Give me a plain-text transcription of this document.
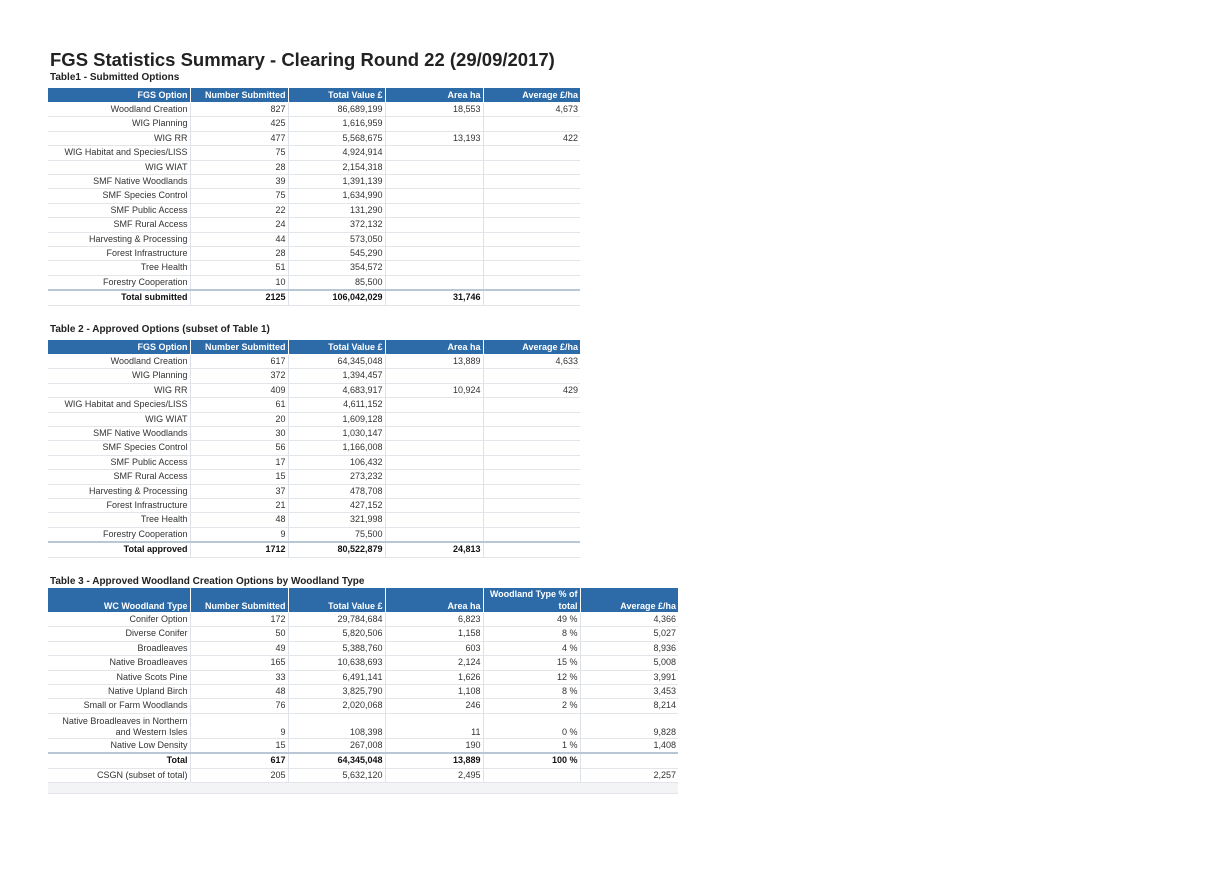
FGS Statistics Summary - Clearing Round 22 (29/09/2017)
Table1 - Submitted Options
FGS Option	Number Submitted	Total Value £	Area ha	Average £/ha
Woodland Creation	827	86,689,199	18,553	4,673
WIG Planning	425	1,616,959		
WIG RR	477	5,568,675	13,193	422
WIG Habitat and Species/LISS	75	4,924,914		
WIG WIAT	28	2,154,318		
SMF Native Woodlands	39	1,391,139		
SMF Species Control	75	1,634,990		
SMF Public Access	22	131,290		
SMF Rural Access	24	372,132		
Harvesting & Processing	44	573,050		
Forest Infrastructure	28	545,290		
Tree Health	51	354,572		
Forestry Cooperation	10	85,500		
Total submitted	2125	106,042,029	31,746	
Table 2 - Approved Options (subset of Table 1)
FGS Option	Number Submitted	Total Value £	Area ha	Average £/ha
Woodland Creation	617	64,345,048	13,889	4,633
WIG Planning	372	1,394,457		
WIG RR	409	4,683,917	10,924	429
WIG Habitat and Species/LISS	61	4,611,152		
WIG WIAT	20	1,609,128		
SMF Native Woodlands	30	1,030,147		
SMF Species Control	56	1,166,008		
SMF Public Access	17	106,432		
SMF Rural Access	15	273,232		
Harvesting & Processing	37	478,708		
Forest Infrastructure	21	427,152		
Tree Health	48	321,998		
Forestry Cooperation	9	75,500		
Total approved	1712	80,522,879	24,813	
Table 3 - Approved Woodland Creation Options by Woodland Type
WC Woodland Type	Number Submitted	Total Value £	Area ha	Woodland Type % of total	Average £/ha
Conifer Option	172	29,784,684	6,823	49 %	4,366
Diverse Conifer	50	5,820,506	1,158	8 %	5,027
Broadleaves	49	5,388,760	603	4 %	8,936
Native Broadleaves	165	10,638,693	2,124	15 %	5,008
Native Scots Pine	33	6,491,141	1,626	12 %	3,991
Native Upland Birch	48	3,825,790	1,108	8 %	3,453
Small or Farm Woodlands	76	2,020,068	246	2 %	8,214
Native Broadleaves in Northern and Western Isles	9	108,398	11	0 %	9,828
Native Low Density	15	267,008	190	1 %	1,408
Total	617	64,345,048	13,889	100 %	
CSGN (subset of total)	205	5,632,120	2,495		2,257
